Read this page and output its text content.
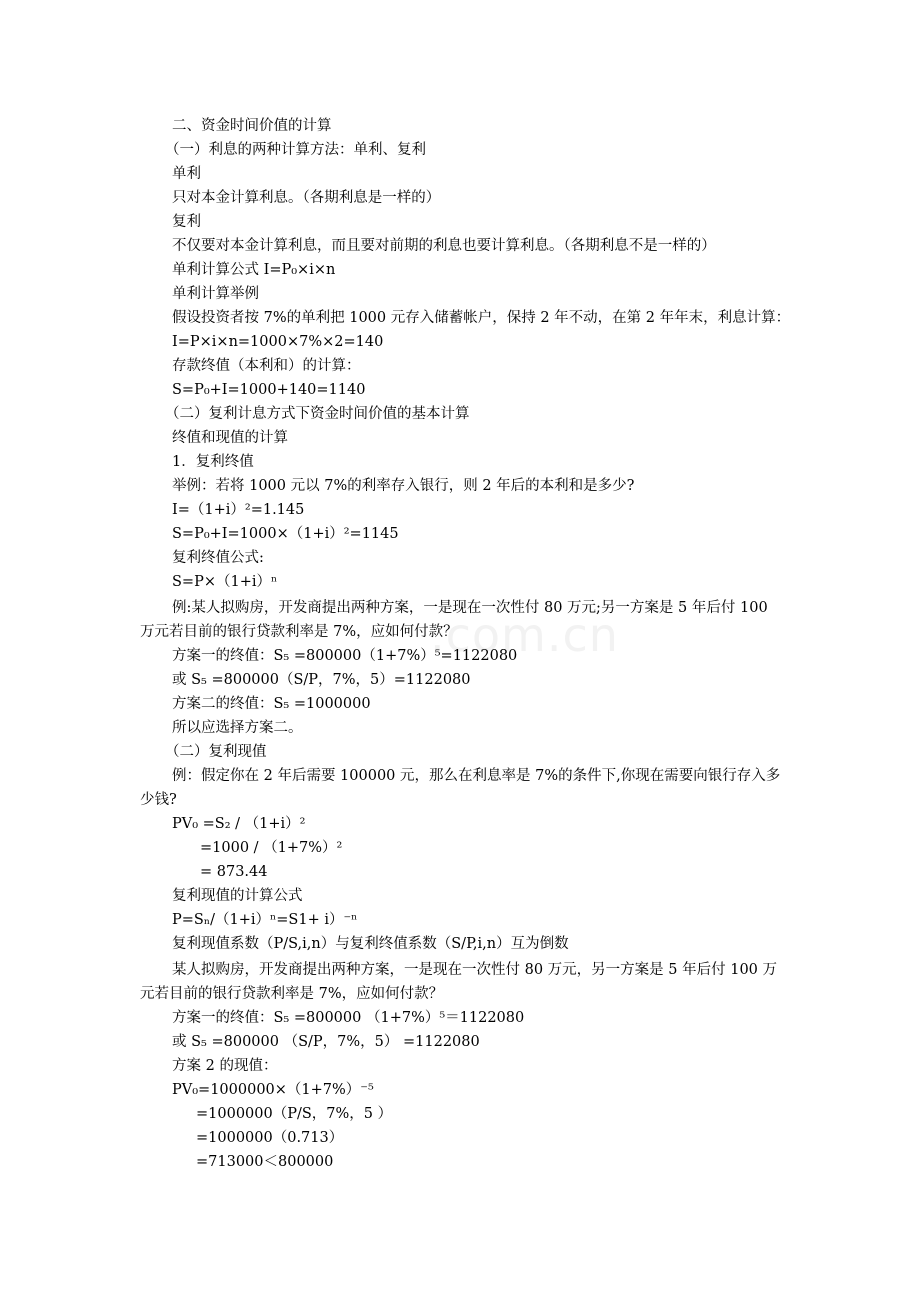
.com.cn
二、资金时间价值的计算
（一）利息的两种计算方法：单利、复利
单利
只对本金计算利息。（各期利息是一样的）
复利
不仅要对本金计算利息，而且要对前期的利息也要计算利息。（各期利息不是一样的）
单利计算公式 I=P₀×i×n
单利计算举例
假设投资者按 7%的单利把 1000 元存入储蓄帐户，保持 2 年不动，在第 2 年年末，利息计算：
I=P×i×n=1000×7%×2=140
存款终值（本利和）的计算：
S=P₀+I=1000+140=1140
（二）复利计息方式下资金时间价值的基本计算
终值和现值的计算
1．复利终值
举例：若将 1000 元以 7%的利率存入银行，则 2 年后的本利和是多少?
I=（1+i）²=1.145
S=P₀+I=1000×（1+i）²=1145
复利终值公式:
S=P×（1+i）ⁿ
例:某人拟购房，开发商提出两种方案，一是现在一次性付 80 万元;另一方案是 5 年后付 100
万元若目前的银行贷款利率是 7%，应如何付款？
方案一的终值：S₅ =800000（1+7%）⁵=1122080
或 S₅ =800000（S/P，7%，5）=1122080
方案二的终值：S₅ =1000000
所以应选择方案二。
（二）复利现值
例：假定你在 2 年后需要 100000 元，那么在利息率是 7%的条件下,你现在需要向银行存入多
少钱?
PV₀ =S₂ / （1+i）²
=1000 / （1+7%）²
= 873.44
复利现值的计算公式
P=Sₙ/（1+i）ⁿ=S1+ i）⁻ⁿ
复利现值系数（P/S,i,n）与复利终值系数（S/P,i,n）互为倒数
某人拟购房，开发商提出两种方案，一是现在一次性付 80 万元，另一方案是 5 年后付 100 万
元若目前的银行贷款利率是 7%，应如何付款？
方案一的终值：S₅ =800000 （1+7%）⁵＝1122080
或 S₅ =800000 （S/P，7%，5） =1122080
方案 2 的现值：
PV₀=1000000×（1+7%）⁻⁵
=1000000（P/S，7%，5 ）
=1000000（0.713）
=713000＜800000
